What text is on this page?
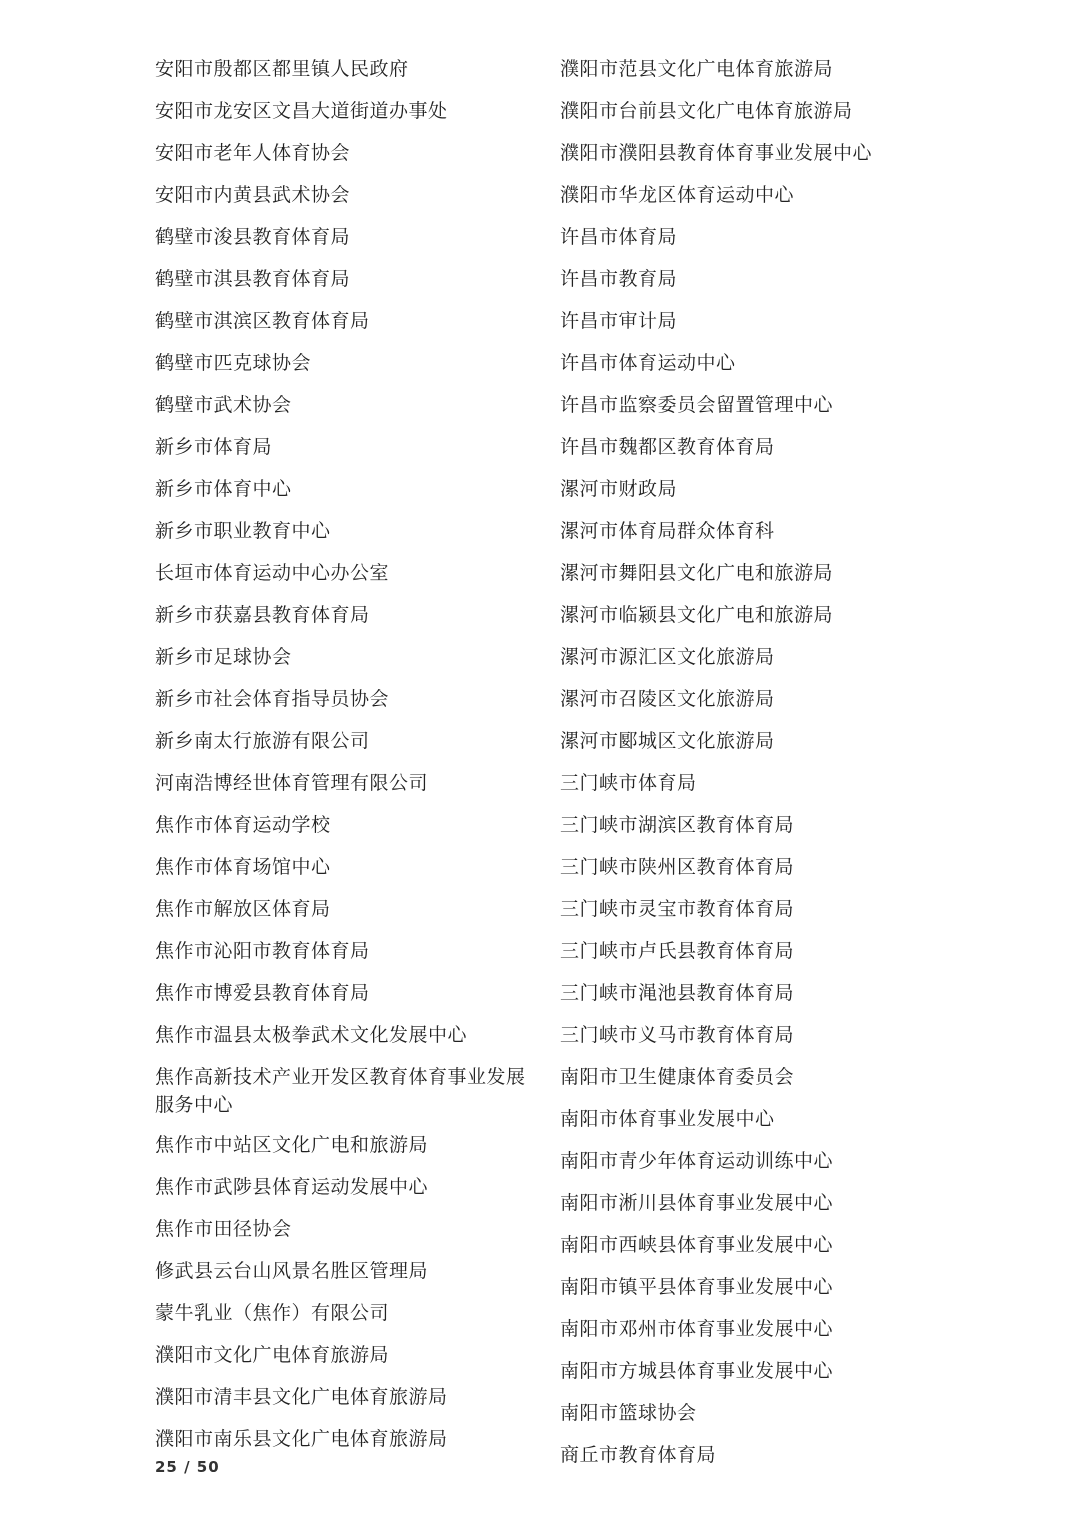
安阳市殷都区都里镇人民政府
安阳市龙安区文昌大道街道办事处
安阳市老年人体育协会
安阳市内黄县武术协会
鹤壁市浚县教育体育局
鹤壁市淇县教育体育局
鹤壁市淇滨区教育体育局
鹤壁市匹克球协会
鹤壁市武术协会
新乡市体育局
新乡市体育中心
新乡市职业教育中心
长垣市体育运动中心办公室
新乡市获嘉县教育体育局
新乡市足球协会
新乡市社会体育指导员协会
新乡南太行旅游有限公司
河南浩博经世体育管理有限公司
焦作市体育运动学校
焦作市体育场馆中心
焦作市解放区体育局
焦作市沁阳市教育体育局
焦作市博爱县教育体育局
焦作市温县太极拳武术文化发展中心
焦作高新技术产业开发区教育体育事业发展服务中心
焦作市中站区文化广电和旅游局
焦作市武陟县体育运动发展中心
焦作市田径协会
修武县云台山风景名胜区管理局
蒙牛乳业（焦作）有限公司
濮阳市文化广电体育旅游局
濮阳市清丰县文化广电体育旅游局
濮阳市南乐县文化广电体育旅游局
濮阳市范县文化广电体育旅游局
濮阳市台前县文化广电体育旅游局
濮阳市濮阳县教育体育事业发展中心
濮阳市华龙区体育运动中心
许昌市体育局
许昌市教育局
许昌市审计局
许昌市体育运动中心
许昌市监察委员会留置管理中心
许昌市魏都区教育体育局
漯河市财政局
漯河市体育局群众体育科
漯河市舞阳县文化广电和旅游局
漯河市临颍县文化广电和旅游局
漯河市源汇区文化旅游局
漯河市召陵区文化旅游局
漯河市郾城区文化旅游局
三门峡市体育局
三门峡市湖滨区教育体育局
三门峡市陕州区教育体育局
三门峡市灵宝市教育体育局
三门峡市卢氏县教育体育局
三门峡市渑池县教育体育局
三门峡市义马市教育体育局
南阳市卫生健康体育委员会
南阳市体育事业发展中心
南阳市青少年体育运动训练中心
南阳市淅川县体育事业发展中心
南阳市西峡县体育事业发展中心
南阳市镇平县体育事业发展中心
南阳市邓州市体育事业发展中心
南阳市方城县体育事业发展中心
南阳市篮球协会
商丘市教育体育局
25 / 50
